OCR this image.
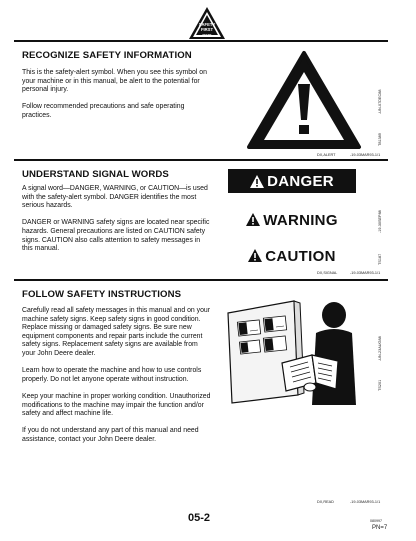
SAFETY
FIRST
DEERE
RECOGNIZE SAFETY INFORMATION

This is the safety-alert symbol. When you see this symbol on your machine or in this manual, be alert to the potential for personal injury.

Follow recommended precautions and safe operating practices.

DX,ALERT	-19-03MAR93-1/1
T81389
-UN-07DEC88
UNDERSTAND SIGNAL WORDS

A signal word—DANGER, WARNING, or CAUTION—is used with the safety-alert symbol. DANGER identifies the most serious hazards.

DANGER or WARNING safety signs are located near specific hazards. General precautions are listed on CAUTION safety signs. CAUTION also calls attention to safety messages in this manual.

DX,SIGNAL	-19-03MAR93-1/1
TS187
-19-30SEP88
DANGER
WARNING
CAUTION
FOLLOW SAFETY INSTRUCTIONS

Carefully read all safety messages in this manual and on your machine safety signs. Keep safety signs in good condition. Replace missing or damaged safety signs. Be sure new equipment components and repair parts include the current safety signs. Replacement safety signs are available from your John Deere dealer.

Learn how to operate the machine and how to use controls properly. Do not let anyone operate without instruction.

Keep your machine in proper working condition. Unauthorized modifications to the machine may impair the function and/or safety and affect machine life.

If you do not understand any part of this manual and need assistance, contact your John Deere dealer.

DX,READ	-19-03MAR93-1/1
TS201
-UN-23AUG88
05-2	080997
PN=7
